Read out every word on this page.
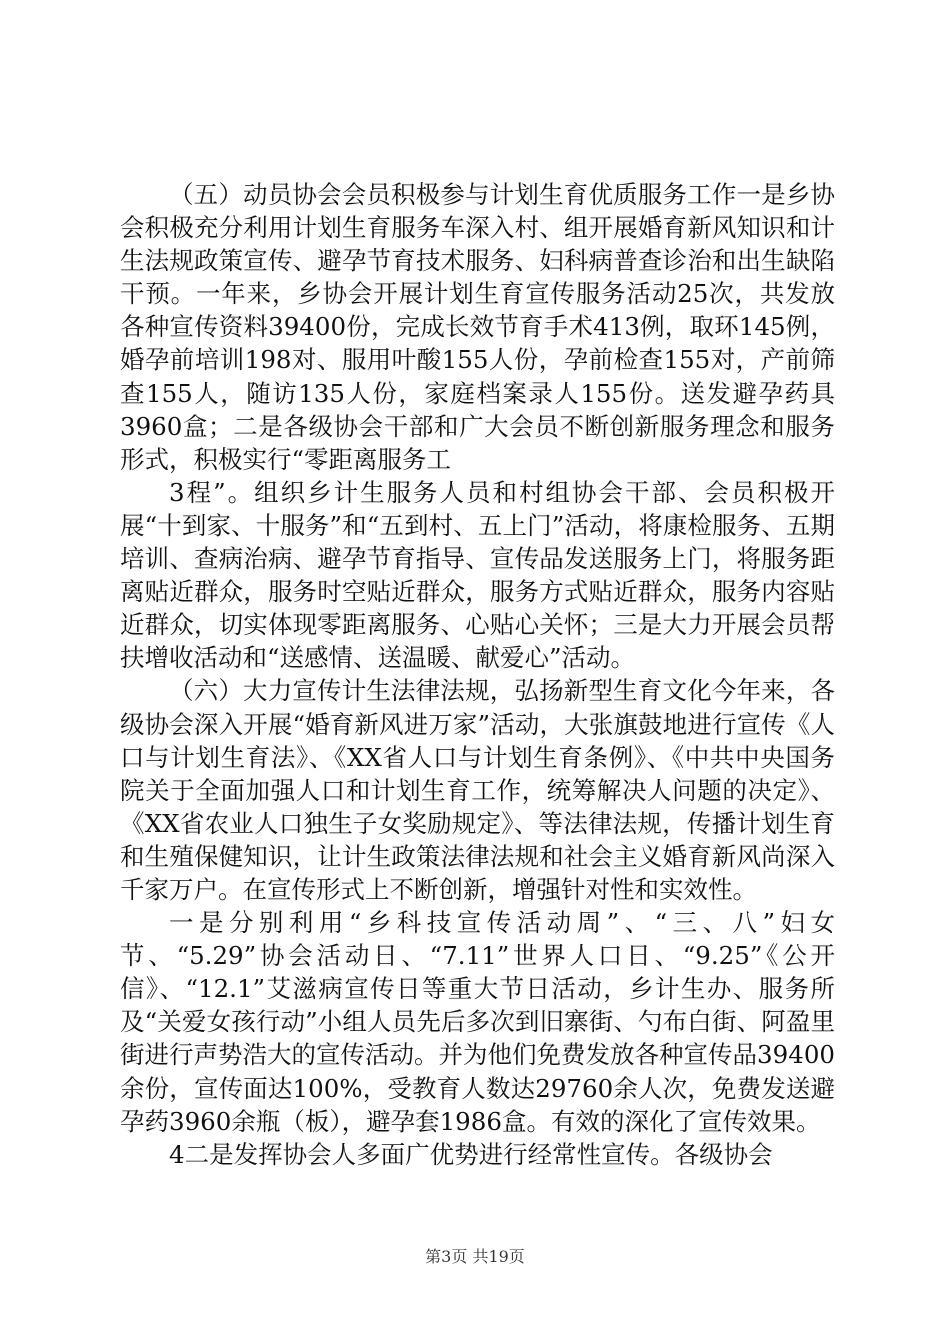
（五）动员协会会员积极参与计划生育优质服务工作一是乡协会积极充分利用计划生育服务车深入村、组开展婚育新风知识和计生法规政策宣传、避孕节育技术服务、妇科病普查诊治和出生缺陷干预。一年来，乡协会开展计划生育宣传服务活动25次，共发放各种宣传资料39400份，完成长效节育手术413例，取环145例，婚孕前培训198对、服用叶酸155人份，孕前检查155对，产前筛查155人，随访135人份，家庭档案录人155份。送发避孕药具3960盒；二是各级协会干部和广大会员不断创新服务理念和服务形式，积极实行“零距离服务工

3程”。组织乡计生服务人员和村组协会干部、会员积极开展“十到家、十服务”和“五到村、五上门”活动，将康检服务、五期培训、查病治病、避孕节育指导、宣传品发送服务上门，将服务距离贴近群众，服务时空贴近群众，服务方式贴近群众，服务内容贴近群众，切实体现零距离服务、心贴心关怀；三是大力开展会员帮扶增收活动和“送感情、送温暖、献爱心”活动。

（六）大力宣传计生法律法规，弘扬新型生育文化今年来，各级协会深入开展“婚育新风进万家”活动，大张旗鼓地进行宣传《人口与计划生育法》、《XX省人口与计划生育条例》、《中共中央国务院关于全面加强人口和计划生育工作，统筹解决人问题的决定》、《XX省农业人口独生子女奖励规定》、等法律法规，传播计划生育和生殖保健知识，让计生政策法律法规和社会主义婚育新风尚深入千家万户。在宣传形式上不断创新，增强针对性和实效性。

一是分别利用“乡科技宣传活动周”、“三、八”妇女节、“5.29”协会活动日、“7.11”世界人口日、“9.25”《公开信》、“12.1”艾滋病宣传日等重大节日活动，乡计生办、服务所及“关爱女孩行动”小组人员先后多次到旧寨街、勺布白街、阿盈里街进行声势浩大的宣传活动。并为他们免费发放各种宣传品39400余份，宣传面达100%，受教育人数达29760余人次，免费发送避孕药3960余瓶（板），避孕套1986盒。有效的深化了宣传效果。

4二是发挥协会人多面广优势进行经常性宣传。各级协会

第3页 共19页
